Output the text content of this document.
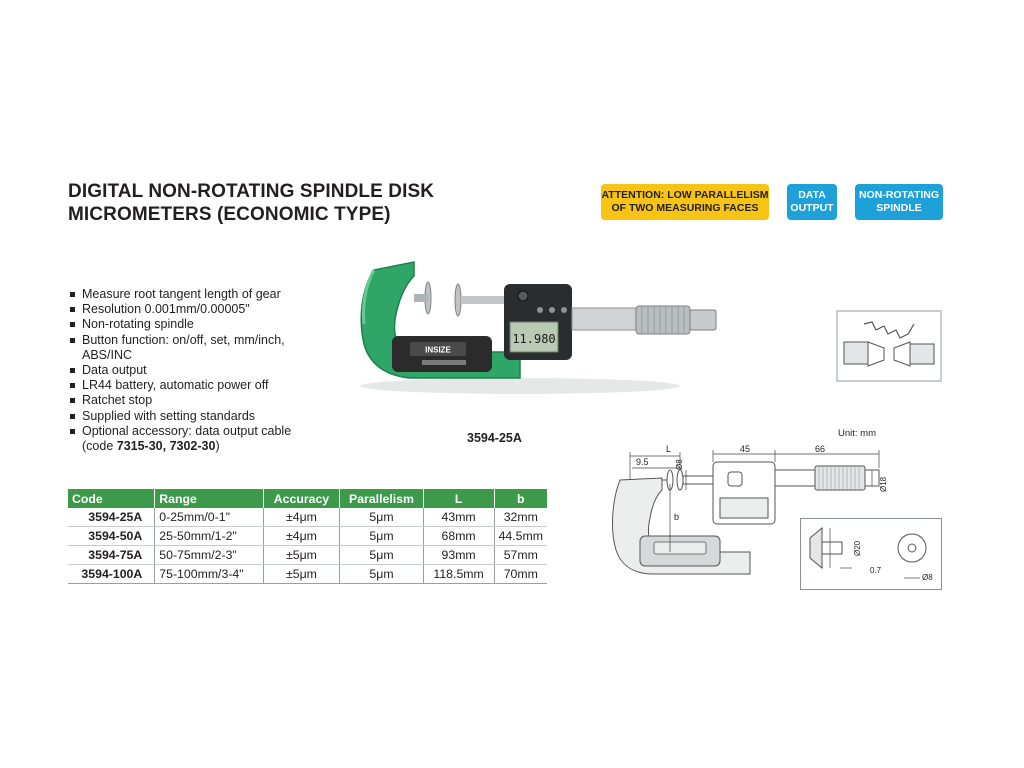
DIGITAL NON-ROTATING SPINDLE DISK
MICROMETERS (ECONOMIC TYPE)
ATTENTION: LOW PARALLELISM
OF TWO MEASURING FACES
DATA
OUTPUT
NON-ROTATING
SPINDLE
Measure root tangent length of gear
Resolution 0.001mm/0.00005"
Non-rotating spindle
Button function: on/off, set, mm/inch,
ABS/INC
Data output
LR44 battery, automatic power off
Ratchet stop
Supplied with setting standards
Optional accessory: data output cable
(code 7315-30, 7302-30)
INSIZE
11.980
3594-25A	Unit: mm
L
9.5	Ø8
b
45	66
Ø18
Ø20
0.7
Ø8
Code	Range	Accuracy	Parallelism	L	b
3594-25A	0-25mm/0-1"	±4μm	5μm	43mm	32mm
3594-50A	25-50mm/1-2"	±4μm	5μm	68mm	44.5mm
3594-75A	50-75mm/2-3"	±5μm	5μm	93mm	57mm
3594-100A	75-100mm/3-4"	±5μm	5μm	118.5mm	70mm
